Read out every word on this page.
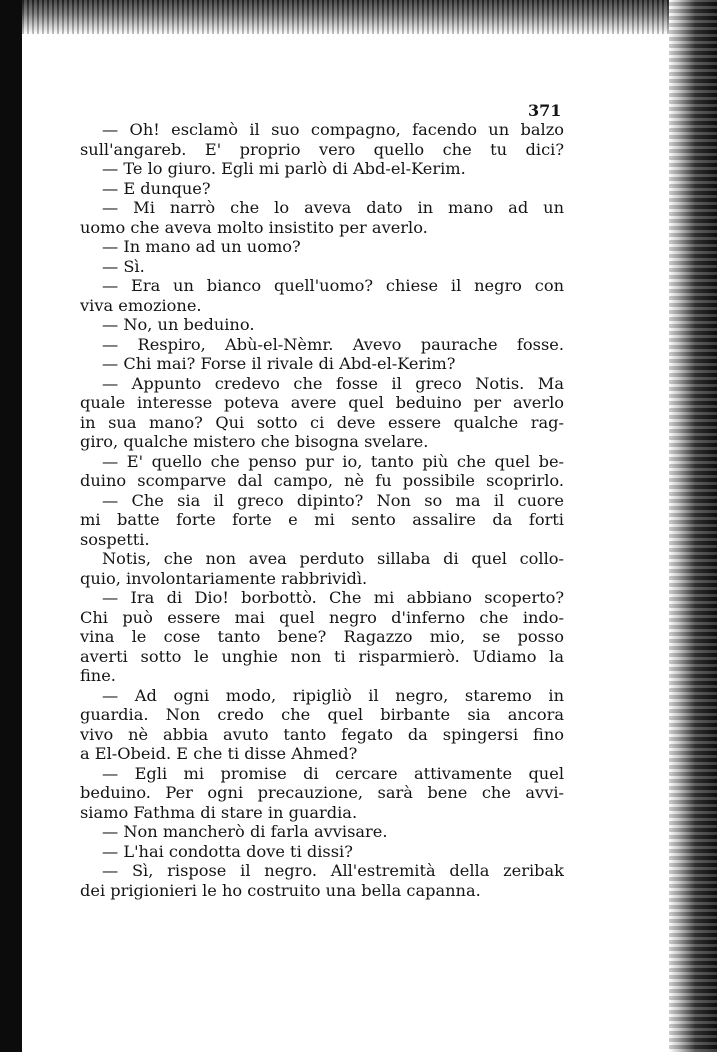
371
— Oh! esclamò il suo compagno, facendo un balzo
sull'angareb. E' proprio vero quello che tu dici?
— Te lo giuro. Egli mi parlò di Abd-el-Kerim.
— E dunque?
— Mi narrò che lo aveva dato in mano ad un
uomo che aveva molto insistito per averlo.
— In mano ad un uomo?
— Sì.
— Era un bianco quell'uomo? chiese il negro con
viva emozione.
— No, un beduino.
— Respiro, Abù-el-Nèmr. Avevo paurache fosse.
— Chi mai? Forse il rivale di Abd-el-Kerim?
— Appunto credevo che fosse il greco Notis. Ma
quale interesse poteva avere quel beduino per averlo
in sua mano? Qui sotto ci deve essere qualche rag-
giro, qualche mistero che bisogna svelare.
— E' quello che penso pur io, tanto più che quel be-
duino scomparve dal campo, nè fu possibile scoprirlo.
— Che sia il greco dipinto? Non so ma il cuore
mi batte forte forte e mi sento assalire da forti
sospetti.
Notis, che non avea perduto sillaba di quel collo-
quio, involontariamente rabbrividì.
— Ira di Dio! borbottò. Che mi abbiano scoperto?
Chi può essere mai quel negro d'inferno che indo-
vina le cose tanto bene? Ragazzo mio, se posso
averti sotto le unghie non ti risparmierò. Udiamo la
fine.
— Ad ogni modo, ripigliò il negro, staremo in
guardia. Non credo che quel birbante sia ancora
vivo nè abbia avuto tanto fegato da spingersi fino
a El-Obeid. E che ti disse Ahmed?
— Egli mi promise di cercare attivamente quel
beduino. Per ogni precauzione, sarà bene che avvi-
siamo Fathma di stare in guardia.
— Non mancherò di farla avvisare.
— L'hai condotta dove ti dissi?
— Sì, rispose il negro. All'estremità della zeribak
dei prigionieri le ho costruito una bella capanna.
